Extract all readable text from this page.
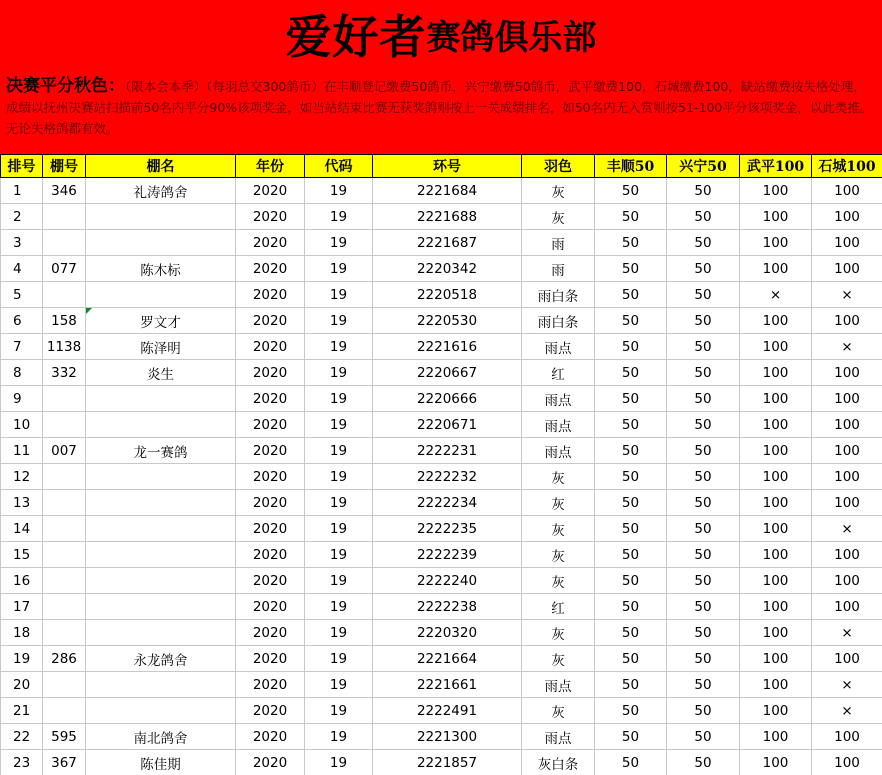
爱好者 赛鸽俱乐部
决赛平分秋色：（限本会本季）（每羽总交300鸽币）在丰顺登记缴费50鸽币，兴宁缴费50鸽币，武平缴费100，石城缴费100，缺站缴费按失格处理，成绩以抚州决赛站扫描前50名内平分90%该项奖金，如当站结束比赛无获奖鸽则按上一关成绩排名，如50名内无入赏则按51-100平分该项奖金，以此类推。无论失格鸽都有效。
排号	棚号	棚名	年份	代码	环号	羽色	丰顺50	兴宁50	武平100	石城100
1	346	礼涛鸽舍	2020	19	2221684	灰	50	50	100	100
2			2020	19	2221688	灰	50	50	100	100
3			2020	19	2221687	雨	50	50	100	100
4	077	陈木标	2020	19	2220342	雨	50	50	100	100
5			2020	19	2220518	雨白条	50	50	×	×
6	158	罗文才	2020	19	2220530	雨白条	50	50	100	100
7	1138	陈泽明	2020	19	2221616	雨点	50	50	100	×
8	332	炎生	2020	19	2220667	红	50	50	100	100
9			2020	19	2220666	雨点	50	50	100	100
10			2020	19	2220671	雨点	50	50	100	100
11	007	龙一赛鸽	2020	19	2222231	雨点	50	50	100	100
12			2020	19	2222232	灰	50	50	100	100
13			2020	19	2222234	灰	50	50	100	100
14			2020	19	2222235	灰	50	50	100	×
15			2020	19	2222239	灰	50	50	100	100
16			2020	19	2222240	灰	50	50	100	100
17			2020	19	2222238	红	50	50	100	100
18			2020	19	2220320	灰	50	50	100	×
19	286	永龙鸽舍	2020	19	2221664	灰	50	50	100	100
20			2020	19	2221661	雨点	50	50	100	×
21			2020	19	2222491	灰	50	50	100	×
22	595	南北鸽舍	2020	19	2221300	雨点	50	50	100	100
23	367	陈佳期	2020	19	2221857	灰白条	50	50	100	100
